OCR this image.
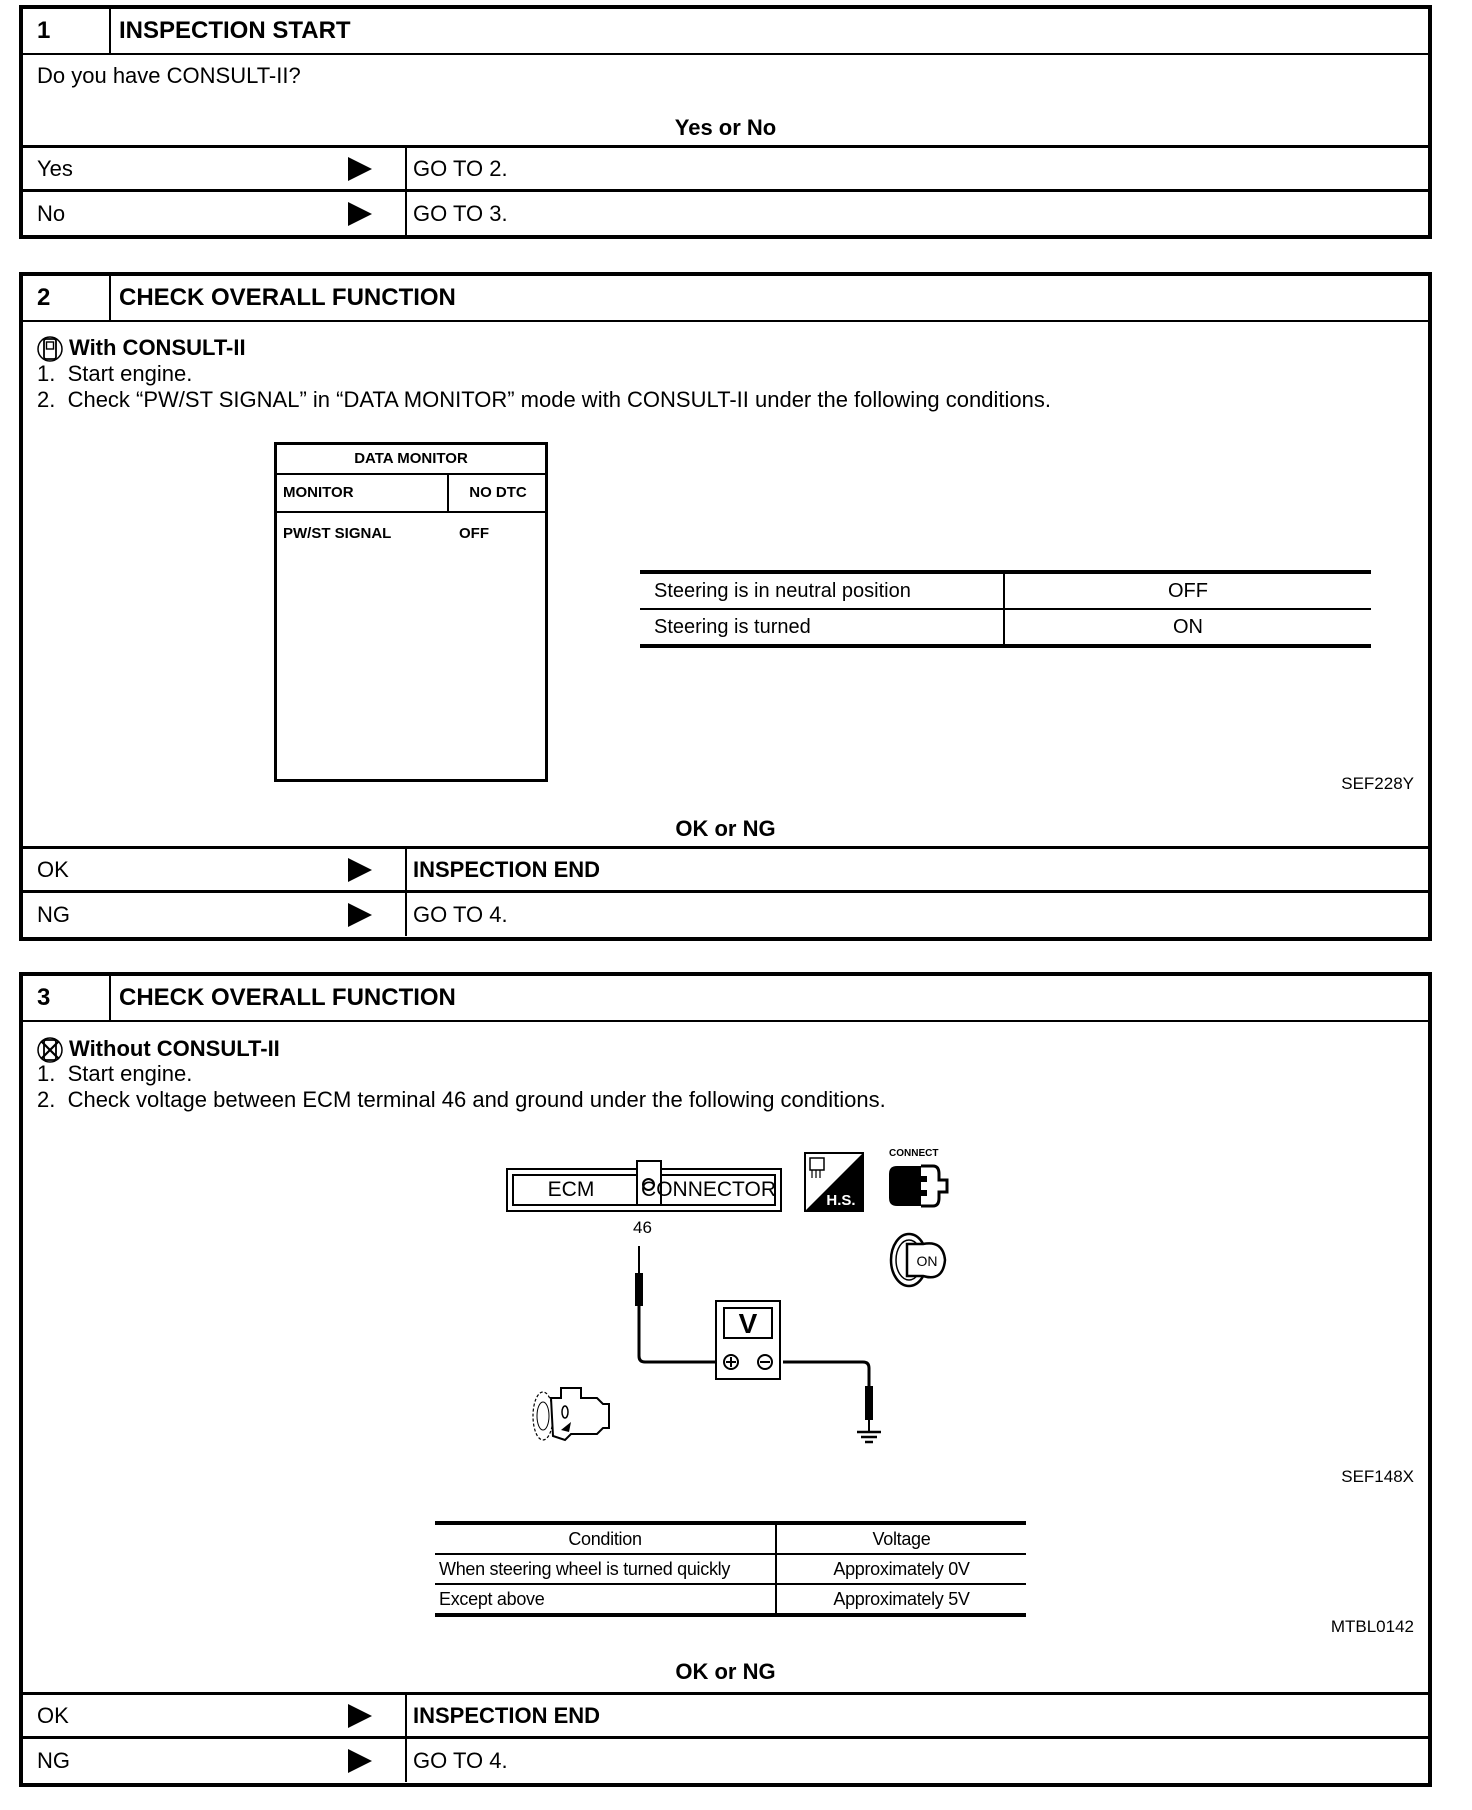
1	INSPECTION START
Do you have CONSULT-II?
Yes or No
Yes	GO TO 2.
No	GO TO 3.
2	CHECK OVERALL FUNCTION
With CONSULT-II
1.  Start engine.
2.  Check “PW/ST SIGNAL” in “DATA MONITOR” mode with CONSULT-II under the following conditions.
DATA MONITOR
MONITOR	NO DTC
PW/ST SIGNAL	OFF
Steering is in neutral position	OFF
Steering is turned	ON
SEF228Y
OK or NG
OK	INSPECTION END
NG	GO TO 4.
3	CHECK OVERALL FUNCTION
Without CONSULT-II
1.  Start engine.
2.  Check voltage between ECM terminal 46 and ground under the following conditions.
ECM	CONNECTOR
46
V
H.S.
CONNECT
ON
SEF148X
Condition	Voltage
When steering wheel is turned quickly	Approximately 0V
Except above	Approximately 5V
MTBL0142
OK or NG
OK	INSPECTION END
NG	GO TO 4.
